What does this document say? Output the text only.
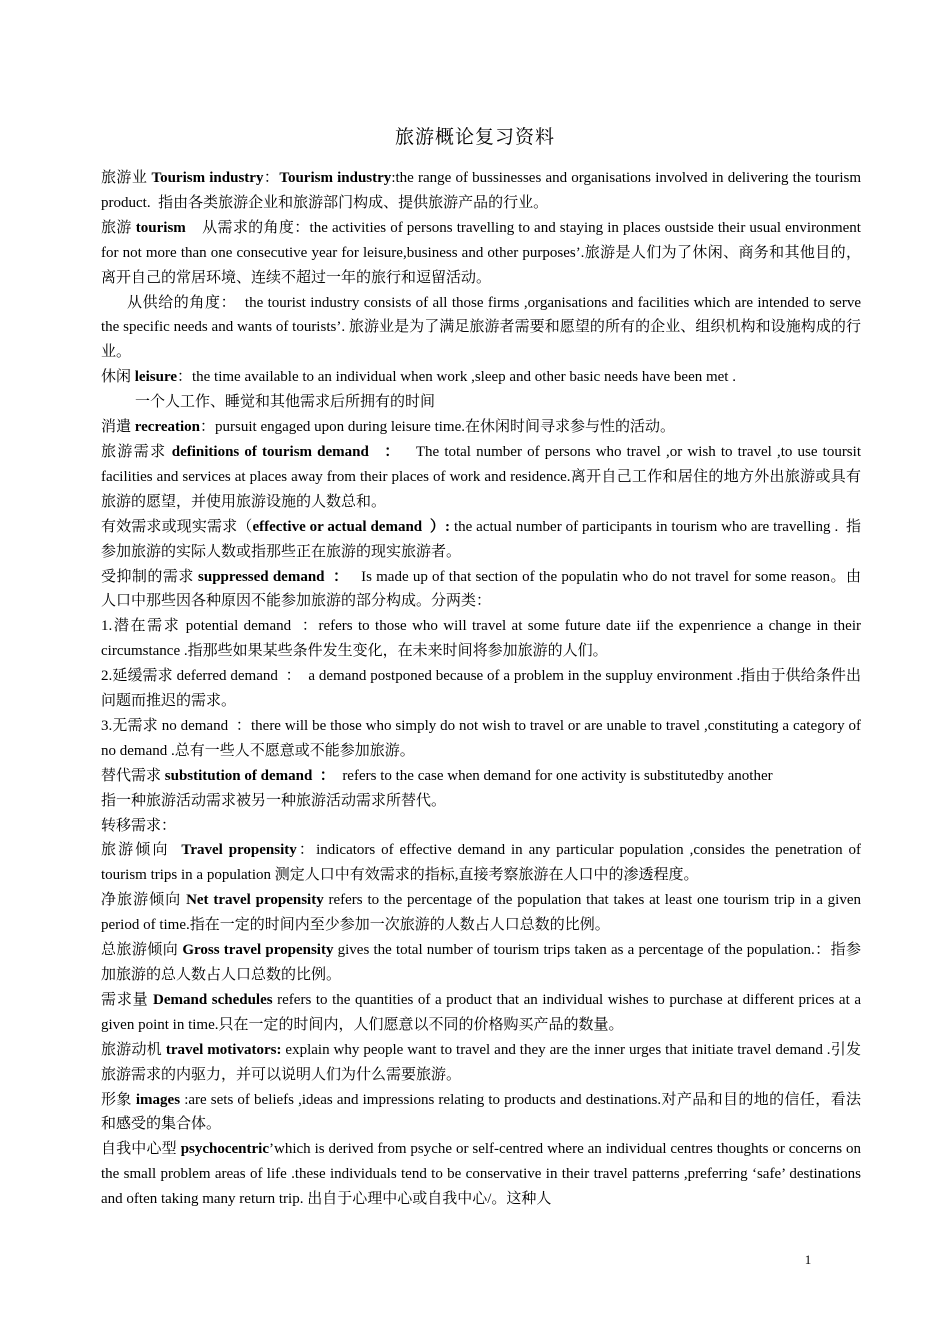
旅游概论复习资料

旅游业 Tourism industry：Tourism industry:the range of bussinesses and organisations involved in delivering the tourism product.  指由各类旅游企业和旅游部门构成、提供旅游产品的行业。

旅游 tourism    从需求的角度：the activities of persons travelling to and staying in places oustside their usual environment for not more than one consecutive year for leisure,business and other purposes’.旅游是人们为了休闲、商务和其他目的，离开自己的常居环境、连续不超过一年的旅行和逗留活动。

从供给的角度：  the tourist industry consists of all those firms ,organisations and facilities which are intended to serve the specific needs and wants of tourists’. 旅游业是为了满足旅游者需要和愿望的所有的企业、组织机构和设施构成的行业。

休闲 leisure：the time available to an individual when work ,sleep and other basic needs have been met .

一个人工作、睡觉和其他需求后所拥有的时间

消遣 recreation：pursuit engaged upon during leisure time.在休闲时间寻求参与性的活动。

旅游需求 definitions of tourism demand   ：   The total number of persons who travel ,or wish to travel ,to use toursit facilities and services at places away from their places of work and residence.离开自己工作和居住的地方外出旅游或具有旅游的愿望，并使用旅游设施的人数总和。

有效需求或现实需求（effective or actual demand  ）: the actual number of participants in tourism who are travelling .  指参加旅游的实际人数或指那些正在旅游的现实旅游者。

受抑制的需求 suppressed demand  ：   Is made up of that section of the populatin who do not travel for some reason。由人口中那些因各种原因不能参加旅游的部分构成。分两类：

1.潜在需求 potential demand  ：refers to those who will travel at some future date iif the expenrience a change in their circumstance .指那些如果某些条件发生变化，在未来时间将参加旅游的人们。

2.延缓需求 deferred demand  ：  a demand postponed because of a problem in the suppluy environment .指由于供给条件出问题而推迟的需求。

3.无需求 no demand  ：there will be those who simply do not wish to travel or are unable to travel ,constituting a category of no demand .总有一些人不愿意或不能参加旅游。

替代需求 substitution of demand  ：  refers to the case when demand for one activity is substitutedby another

指一种旅游活动需求被另一种旅游活动需求所替代。

转移需求：

旅游倾向  Travel propensity：indicators of effective demand in any particular population ,consides the penetration of tourism trips in a population 测定人口中有效需求的指标,直接考察旅游在人口中的渗透程度。

净旅游倾向 Net travel propensity refers to the percentage of the population that takes at least one tourism trip in a given period of time.指在一定的时间内至少参加一次旅游的人数占人口总数的比例。

总旅游倾向 Gross travel propensity gives the total number of tourism trips taken as a percentage of the population.：指参加旅游的总人数占人口总数的比例。

需求量 Demand schedules refers to the quantities of a product that an individual wishes to purchase at different prices at a given point in time.只在一定的时间内，人们愿意以不同的价格购买产品的数量。

旅游动机 travel motivators: explain why people want to travel and they are the inner urges that initiate travel demand .引发旅游需求的内驱力，并可以说明人们为什么需要旅游。

形象 images :are sets of beliefs ,ideas and impressions relating to products and destinations.对产品和目的地的信任，看法和感受的集合体。

自我中心型 psychocentric’which is derived from psyche or self-centred where an individual centres thoughts or concerns on  the small problem areas of life .these individuals tend to be conservative in their travel patterns ,preferring ‘safe’ destinations and often taking many return trip. 出自于心理中心或自我中心/。这种人

1
